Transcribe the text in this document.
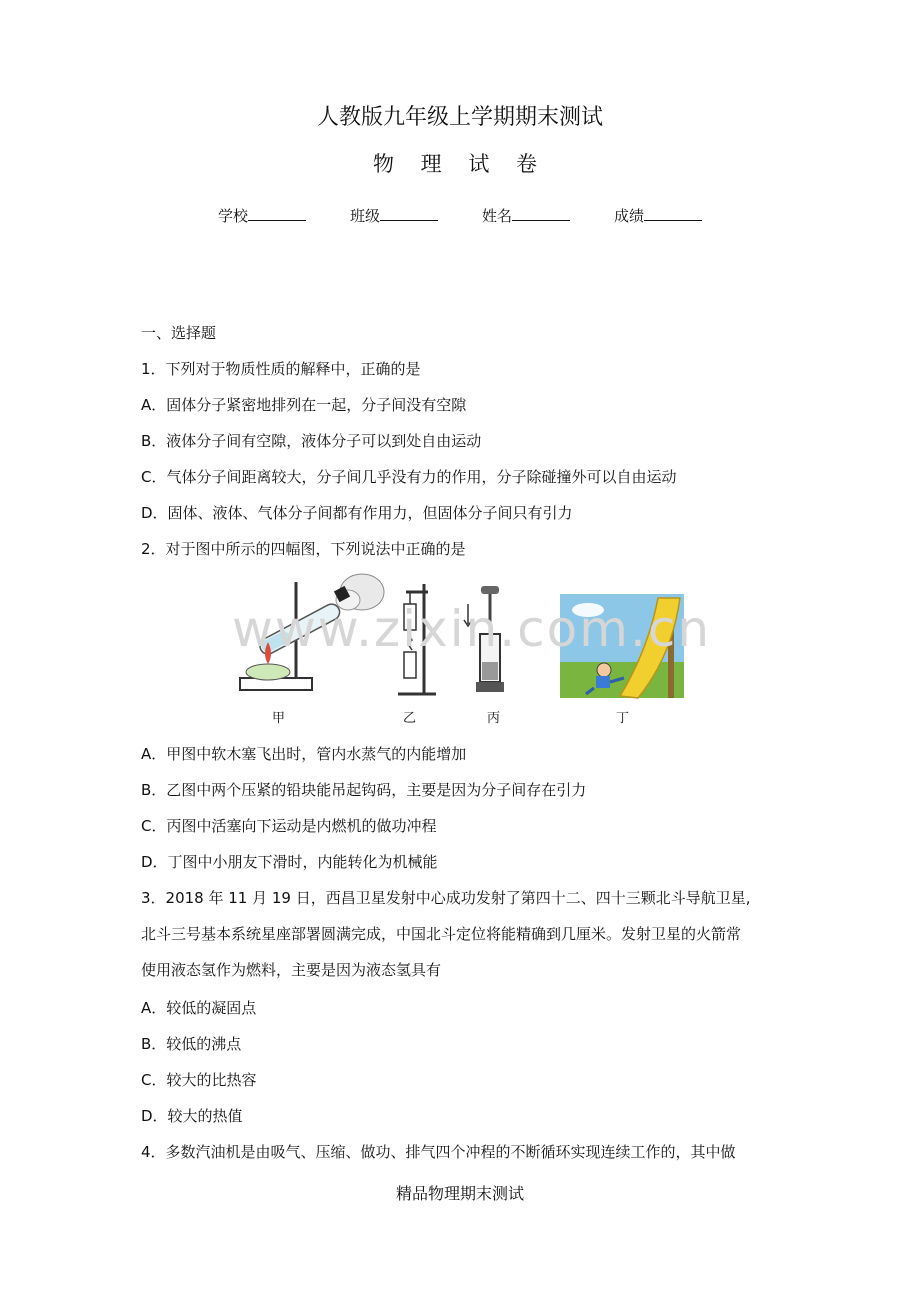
人教版九年级上学期期末测试
物 理 试 卷
学校	班级	姓名	成绩
一、选择题
1．下列对于物质性质的解释中，正确的是
A．固体分子紧密地排列在一起，分子间没有空隙
B．液体分子间有空隙，液体分子可以到处自由运动
C．气体分子间距离较大，分子间几乎没有力的作用，分子除碰撞外可以自由运动
D．固体、液体、气体分子间都有作用力，但固体分子间只有引力
2．对于图中所示的四幅图，下列说法中正确的是
www.zixin.com.cn
甲	乙	丙	丁
A．甲图中软木塞飞出时，管内水蒸气的内能增加
B．乙图中两个压紧的铅块能吊起钩码，主要是因为分子间存在引力
C．丙图中活塞向下运动是内燃机的做功冲程
D．丁图中小朋友下滑时，内能转化为机械能
3．2018 年 11 月 19 日，西昌卫星发射中心成功发射了第四十二、四十三颗北斗导航卫星,
北斗三号基本系统星座部署圆满完成，中国北斗定位将能精确到几厘米。发射卫星的火箭常
使用液态氢作为燃料，主要是因为液态氢具有
A．较低的凝固点
B．较低的沸点
C．较大的比热容
D．较大的热值
4．多数汽油机是由吸气、压缩、做功、排气四个冲程的不断循环实现连续工作的，其中做
精品物理期末测试
